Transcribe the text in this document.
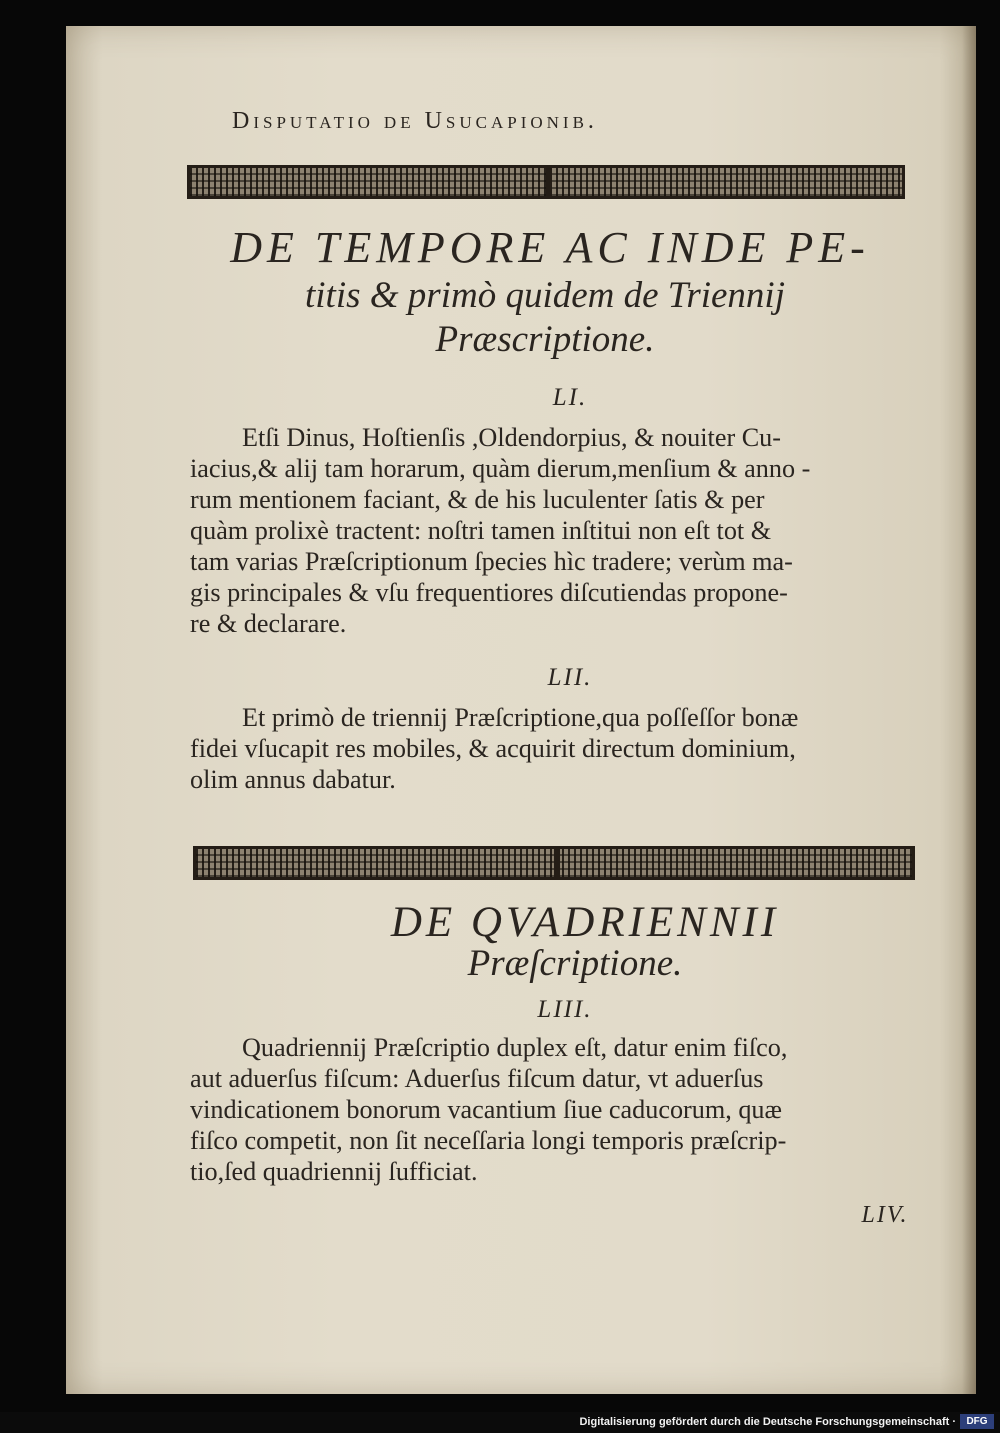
Disputatio de Usucapionib.
DE TEMPORE AC INDE PE-
titis & primò quidem de Triennij
Præscriptione.
LI.
Etſi Dinus, Hoſtienſis ,Oldendorpius, & nouiter Cu-
iacius,& alij tam horarum, quàm dierum,menſium & anno -
rum mentionem faciant, & de his luculenter ſatis & per
quàm prolixè tractent: noſtri tamen inſtitui non eſt tot &
tam varias Præſcriptionum ſpecies hìc tradere; verùm ma-
gis principales & vſu frequentiores diſcutiendas propone-
re & declarare.
LII.
Et primò de triennij Præſcriptione,qua poſſeſſor bonæ
fidei vſucapit res mobiles, & acquirit directum dominium,
olim annus dabatur.
DE QVADRIENNII
Præſcriptione.
LIII.
Quadriennij Præſcriptio duplex eſt, datur enim fiſco,
aut aduerſus fiſcum: Aduerſus fiſcum datur, vt aduerſus
vindicationem bonorum vacantium ſiue caducorum, quæ
fiſco competit, non ſit neceſſaria longi temporis præſcrip-
tio,ſed quadriennij ſufficiat.
LIV.
Digitalisierung gefördert durch die Deutsche Forschungsgemeinschaft ·	DFG
